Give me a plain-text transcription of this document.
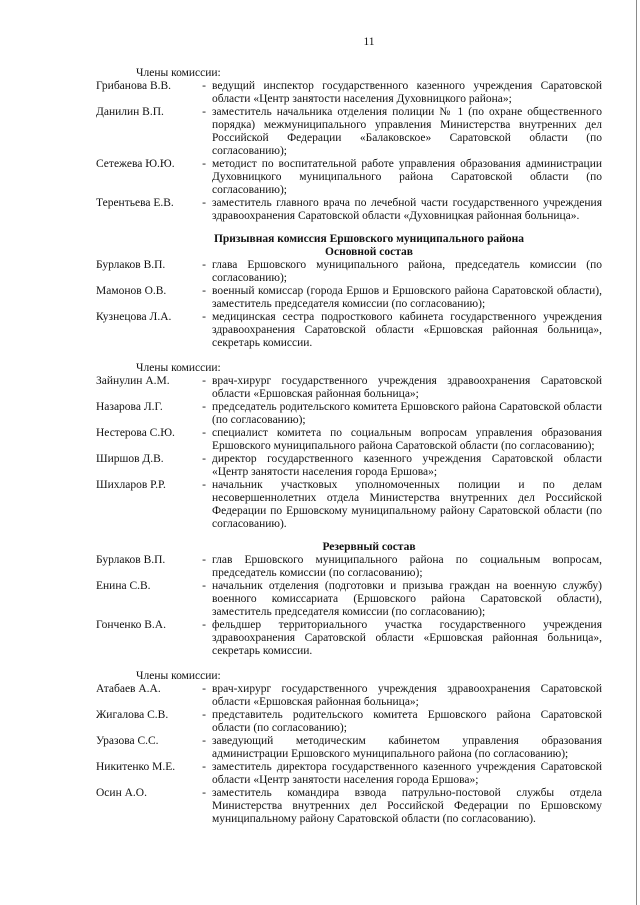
11
Члены комиссии:
Грибанова В.В.	- ведущий инспектор государственного казенного учреждения Саратовской области «Центр занятости населения Духовницкого района»;
Данилин В.П.	- заместитель начальника отделения полиции № 1 (по охране общественного порядка) межмуниципального управления Министерства внутренних дел Российской Федерации «Балаковское» Саратовской области (по согласованию);
Сетежева Ю.Ю.	- методист по воспитательной работе управления образования администрации Духовницкого муниципального района Саратовской области (по согласованию);
Терентьева Е.В.	- заместитель главного врача по лечебной части государственного учреждения здравоохранения Саратовской области «Духовницкая районная больница».
Призывная комиссия Ершовского муниципального района
Основной состав
Бурлаков В.П.	- глава Ершовского муниципального района, председатель комиссии (по согласованию);
Мамонов О.В.	- военный комиссар (города Ершов и Ершовского района Саратовской области), заместитель председателя комиссии (по согласованию);
Кузнецова Л.А.	- медицинская сестра подросткового кабинета государственного учреждения здравоохранения Саратовской области «Ершовская районная больница», секретарь комиссии.
Члены комиссии:
Зайнулин А.М.	- врач-хирург государственного учреждения здравоохранения Саратовской области «Ершовская районная больница»;
Назарова Л.Г.	- председатель родительского комитета Ершовского района Саратовской области (по согласованию);
Нестерова С.Ю.	- специалист комитета по социальным вопросам управления образования Ершовского муниципального района Саратовской области (по согласованию);
Ширшов Д.В.	- директор государственного казенного учреждения Саратовской области «Центр занятости населения города Ершова»;
Шихларов Р.Р.	- начальник участковых уполномоченных полиции и по делам несовершеннолетних отдела Министерства внутренних дел Российской Федерации по Ершовскому муниципальному району Саратовской области (по согласованию).
Резервный состав
Бурлаков В.П.	- глав Ершовского муниципального района по социальным вопросам, председатель комиссии (по согласованию);
Енина С.В.	- начальник отделения (подготовки и призыва граждан на военную службу) военного комиссариата (Ершовского района Саратовской области), заместитель председателя комиссии (по согласованию);
Гонченко В.А.	- фельдшер территориального участка государственного учреждения здравоохранения Саратовской области «Ершовская районная больница», секретарь комиссии.
Члены комиссии:
Атабаев А.А.	- врач-хирург государственного учреждения здравоохранения Саратовской области «Ершовская районная больница»;
Жигалова С.В.	- представитель родительского комитета Ершовского района Саратовской области (по согласованию);
Уразова С.С.	- заведующий методическим кабинетом управления образования администрации Ершовского муниципального района (по согласованию);
Никитенко М.Е.	- заместитель директора государственного казенного учреждения Саратовской области «Центр занятости населения города Ершова»;
Осин А.О.	- заместитель командира взвода патрульно-постовой службы отдела Министерства внутренних дел Российской Федерации по Ершовскому муниципальному району Саратовской области (по согласованию).
